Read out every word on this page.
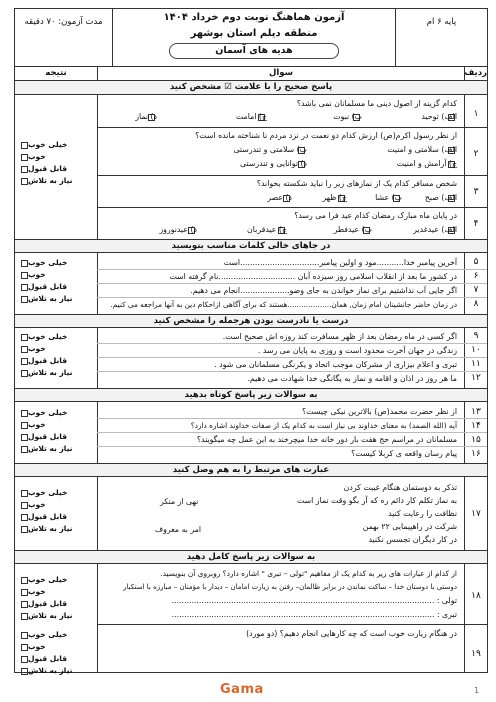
پایه ۶ ام
آزمون هماهنگ نوبت دوم خرداد ۱۴۰۴
منطقه دیلم استان بوشهر
هدیه های آسمان
مدت آزمون: ۷۰ دقیقه
ردیف
سوال
نتیجه
پاسخ صحیح را با علامت ☑ مشخص کنید
۱
کدام گزینه از اصول دینی ما مسلمانان نمی باشد؟
الف) توحید
ب) نبوت
ج) امامت
د) نماز
۲
از نظر رسول اکرم(ص) ارزش کدام دو نعمت در نزد مردم نا شناخته مانده است؟
الف) سلامتی و امنیت
ب) سلامتی و تندرستی
ج) آرامش و امنیت
د) توانایی و تندرستی
۳
شخص مسافر کدام یک از نمازهای زیر را نباید شکسته بخواند؟
الف) صبح
ب) عشا
ج) ظهر
د) عصر
۴
در پایان ماه مبارک رمضان کدام عید فرا می رسد؟
الف) عیدغدیر
ب) عیدفطر
ج) عیدقربان
د) عیدنوروز
خیلی خوب
خوب
قابل قبول
نیاز به تلاش
در جاهای خالی کلمات مناسب بنویسید
۵
آخرین پیامبر خدا...........مود و اولین پیامبر................................است
۶
در کشور ما بعد از انقلاب اسلامی روز سیزده آبان ...............................نام گرفته است
۷
اگر جایی آب نداشتیم برای نماز خواندن به جای وضو....................انجام می دهیم.
۸
در زمان حاضر جانشینان امام زمان, همان...................هستند که برای آگاهی ازاحکام دین به آنها مراجعه می کنیم.
خیلی خوب
خوب
قابل قبول
نیاز به تلاش
درست یا نادرست بودن هرجمله را مشخص کنید
۹
اگر کسی در ماه رمضان بعد از ظهر مسافرت کند روزه اش صحیح است.
۱۰
زندگی در جهان آخرت محدود است و روزی به پایان می رسد .
۱۱
تبری و اعلام بیزاری از مشرکان موجب اتحاد و یکرنگی مسلمانان می شود .
۱۲
ما هر روز در اذان و اقامه و نماز به یگانگی خدا شهادت می دهیم.
خیلی خوب
خوب
قابل قبول
نیاز به تلاش
به سوالات زیر پاسخ کوتاه بدهید
۱۳
از نظر حضرت محمد(ص) بالاترین نیکی چیست؟
۱۴
آیه (الله الصمد) به معنای خداوند بی نیاز است به کدام یک از صفات خداوند اشاره دارد؟
۱۵
مسلمانان در مراسم حج هفت بار دور خانه خدا میچرخند به این عمل چه میگویند؟
۱۶
پیام رسان واقعه ی کربلا کیست؟
خیلی خوب
خوب
قابل قبول
نیاز به تلاش
عبارت های مرتبط را به هم وصل کنید
۱۷
تذکر به دوستمان هنگام غیبت کردن
به نماز تکلم کار دائم ره که آر بگو وقت نماز است
نظافت را رعایت کنید
شرکت در راهپیمایی ۲۲ بهمن
در کار دیگران تجسس نکنید
نهی از منکر
امر به معروف
خیلی خوب
خوب
قابل قبول
نیاز به تلاش
به سوالات زیر پاسخ کامل دهید
۱۸
از کدام از عبارات های زیر به کدام یک از مفاهیم "تولی – تبری " اشاره دارد؟ روبروی آن بنویسید.
دوستی با دوستان خدا – ساکت نماندن در برابر ظالمان– رفتن به زیارت امامان – دیدار با مؤمنان – مبارزه با استکبار
تولی : ..........................................................................................................
تبری : ..........................................................................................................
۱۹
در هنگام زیارت خوب است که چه کارهایی انجام دهیم؟ (دو مورد)
خیلی خوب
خوب
قابل قبول
نیاز به تلاش
خیلی خوب
خوب
قابل قبول
نیاز به تلاش
Gama	1
